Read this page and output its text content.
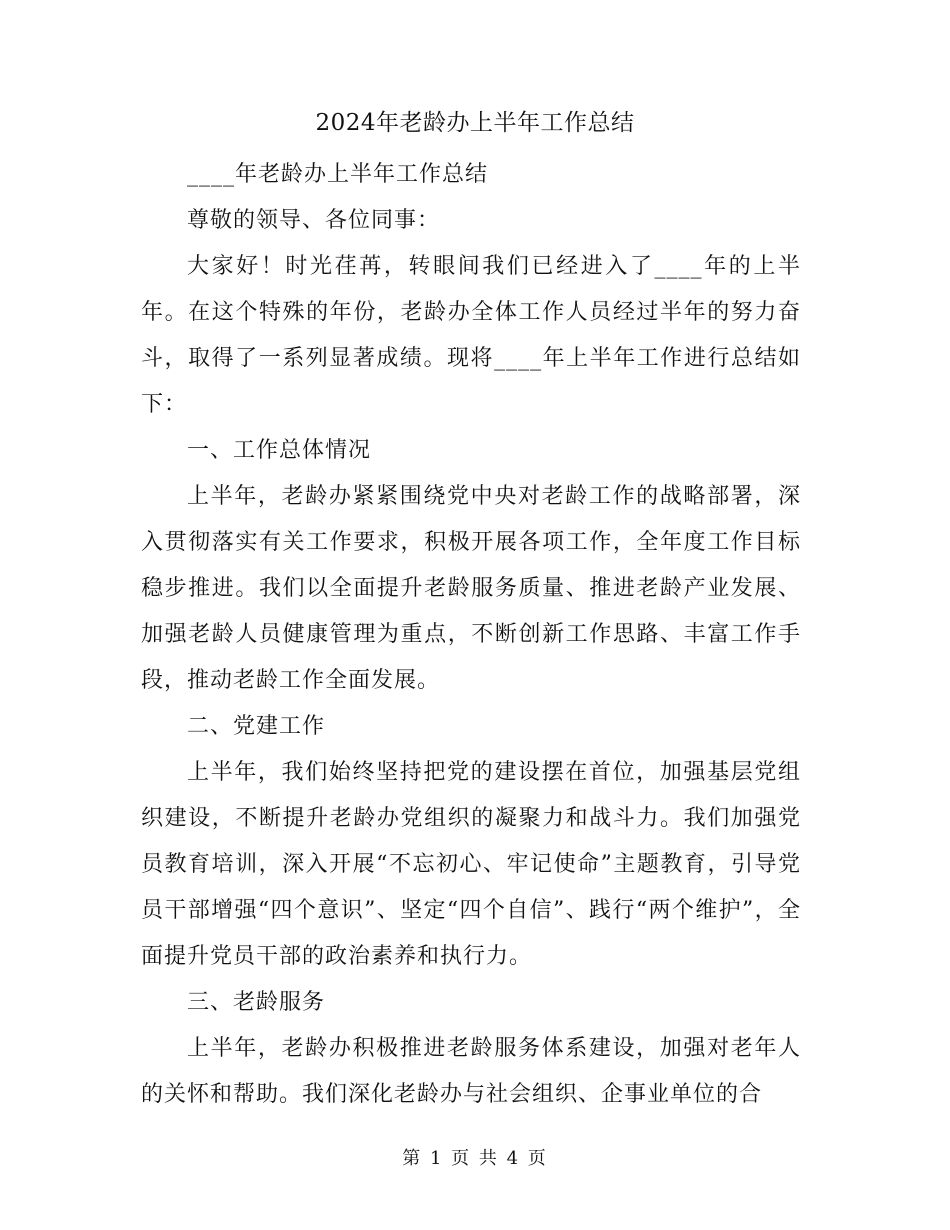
2024年老龄办上半年工作总结

____年老龄办上半年工作总结

尊敬的领导、各位同事：

大家好！时光荏苒，转眼间我们已经进入了____年的上半年。在这个特殊的年份，老龄办全体工作人员经过半年的努力奋斗，取得了一系列显著成绩。现将____年上半年工作进行总结如下：

一、工作总体情况

上半年，老龄办紧紧围绕党中央对老龄工作的战略部署，深入贯彻落实有关工作要求，积极开展各项工作，全年度工作目标稳步推进。我们以全面提升老龄服务质量、推进老龄产业发展、加强老龄人员健康管理为重点，不断创新工作思路、丰富工作手段，推动老龄工作全面发展。

二、党建工作

上半年，我们始终坚持把党的建设摆在首位，加强基层党组织建设，不断提升老龄办党组织的凝聚力和战斗力。我们加强党员教育培训，深入开展“不忘初心、牢记使命”主题教育，引导党员干部增强“四个意识”、坚定“四个自信”、践行“两个维护”，全面提升党员干部的政治素养和执行力。

三、老龄服务

上半年，老龄办积极推进老龄服务体系建设，加强对老年人的关怀和帮助。我们深化老龄办与社会组织、企事业单位的合

第 1 页 共 4 页
